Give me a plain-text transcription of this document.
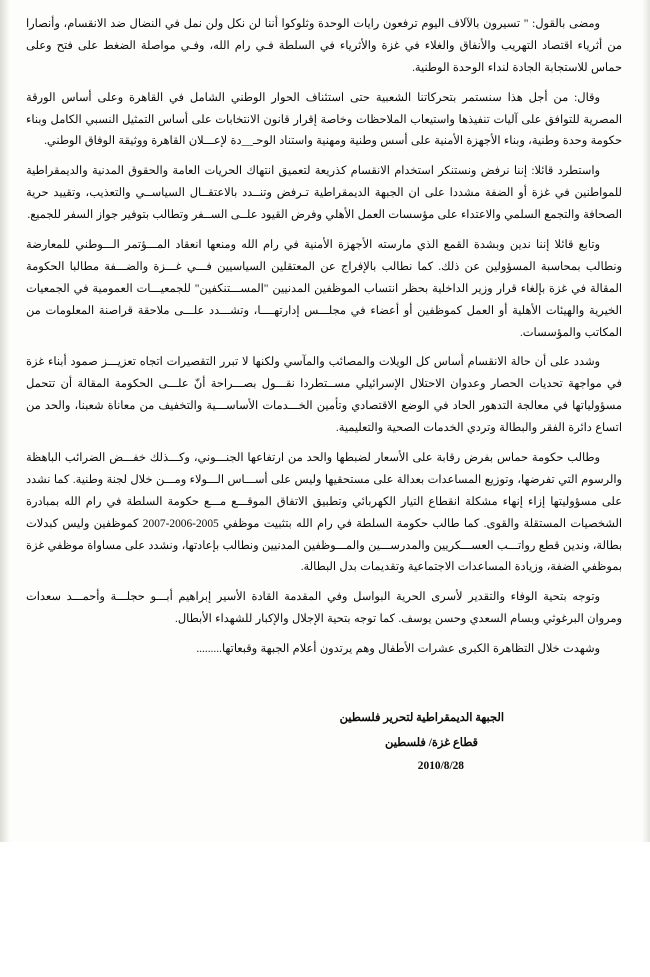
ومضى بالقول: " تسيرون بالآلاف اليوم ترفعون رايات الوحدة وثلوكوا أننا لن نكل ولن نمل في النضال ضد الانقسام، وأنصارا من أثرياء اقتصاد التهريب والأنفاق والغلاء في غزة والأثرياء في السلطة فـي رام الله، وفـي مواصلة الضغط على فتح وعلى حماس للاستجابة الجادة لنداء الوحدة الوطنية.

وقال: من أجل هذا سنستمر بتحركاتنا الشعبية حتى استئناف الحوار الوطني الشامل في القاهرة وعلى أساس الورقة المصرية للتوافق على آليات تنفيذها واستيعاب الملاحظات وخاصة إقرار قانون الانتخابات على أساس التمثيل النسبي الكامل وبناء حكومة وحدة وطنية، وبناء الأجهزة الأمنية على أسس وطنية ومهنية واستناد الوحـ__دة لإعـــلان القاهرة ووثيقة الوفاق الوطني.

واستطرد قائلا: إننا نرفض ونستنكر استخدام الانقسام كذريعة لتعميق انتهاك الحريات العامة والحقوق المدنية والديمقراطية للمواطنين في غزة أو الضفة مشددا على ان الجبهة الديمقراطية تـرفض وتنــدد بالاعتقــال السياســي والتعذيب، وتقييد حرية الصحافة والتجمع السلمي والاعتداء على مؤسسات العمل الأهلي وفرض القيود علــى الســفر وتطالب بتوفير جواز السفر للجميع.

وتابع قائلا إننا ندين وبشدة القمع الذي مارسته الأجهزة الأمنية في رام الله ومنعها انعقاد المـــؤتمر الـــوطني للمعارضة ونطالب بمحاسبة المسؤولين عن ذلك. كما نطالب بالإفراج عن المعتقلين السياسيين فـــي غـــزة والضـــفة مطالبا الحكومة المقالة في غزة بإلغاء قرار وزير الداخلية بحظر انتساب الموظفين المدنيين "المســـتنكفين" للجمعيـــات العمومية في الجمعيات الخيرية والهيئات الأهلية أو العمل كموظفين أو أعضاء في مجلـــس إدارتهــــا، وتشـــدد علـــى ملاحقة قراصنة المعلومات من المكاتب والمؤسسات.

وشدد على أن حالة الانقسام أساس كل الويلات والمصائب والمآسي ولكنها لا تبرر التقصيرات اتجاه تعزيـــز صمود أبناء غزة في مواجهة تحديات الحصار وعدوان الاحتلال الإسرائيلي مســتطردا نقـــول بصـــراحة أنّ علـــى الحكومة المقالة أن تتحمل مسؤولياتها في معالجة التدهور الحاد في الوضع الاقتصادي وتأمين الخـــدمات الأساســـية والتخفيف من معاناة شعبنا، والحد من اتساع دائرة الفقر والبطالة وتردي الخدمات الصحية والتعليمية.

وطالب حكومة حماس بفرض رقابة على الأسعار لضبطها والحد من ارتفاعها الجنـــوني، وكـــذلك خفـــض الضرائب الباهظة والرسوم التي تفرضها، وتوزيع المساعدات بعدالة على مستحقيها وليس على أســـاس الـــولاء ومـــن خلال لجنة وطنية. كما نشدد على مسؤوليتها إزاء إنهاء مشكلة انقطاع التيار الكهربائي وتطبيق الاتفاق الموقـــع مـــع حكومة السلطة في رام الله بمبادرة الشخصيات المستقلة والقوى. كما طالب حكومة السلطة في رام الله بتثبيت موظفي 2005-2006-2007 كموظفين وليس كبدلات بطالة، وندين قطع رواتـــب العســـكريين والمدرســـين والمـــوظفين المدنيين ونطالب بإعادتها، ونشدد على مساواة موظفي غزة بموظفي الضفة، وزيادة المساعدات الاجتماعية وتقديمات بدل البطالة.

وتوجه بتحية الوفاء والتقدير لأسرى الحرية البواسل وفي المقدمة القادة الأسير إبراهيم أبـــو حجلـــة وأحمـــد سعدات ومروان البرغوثي وبسام السعدي وحسن يوسف. كما توجه بتحية الإجلال والإكبار للشهداء الأبطال.

وشهدت خلال التظاهرة الكبرى عشرات الأطفال وهم يرتدون أعلام الجبهة وقبعاتها.........

الجبهة الديمقراطية لتحرير فلسطين
قطاع غزة/ فلسطين
2010/8/28
